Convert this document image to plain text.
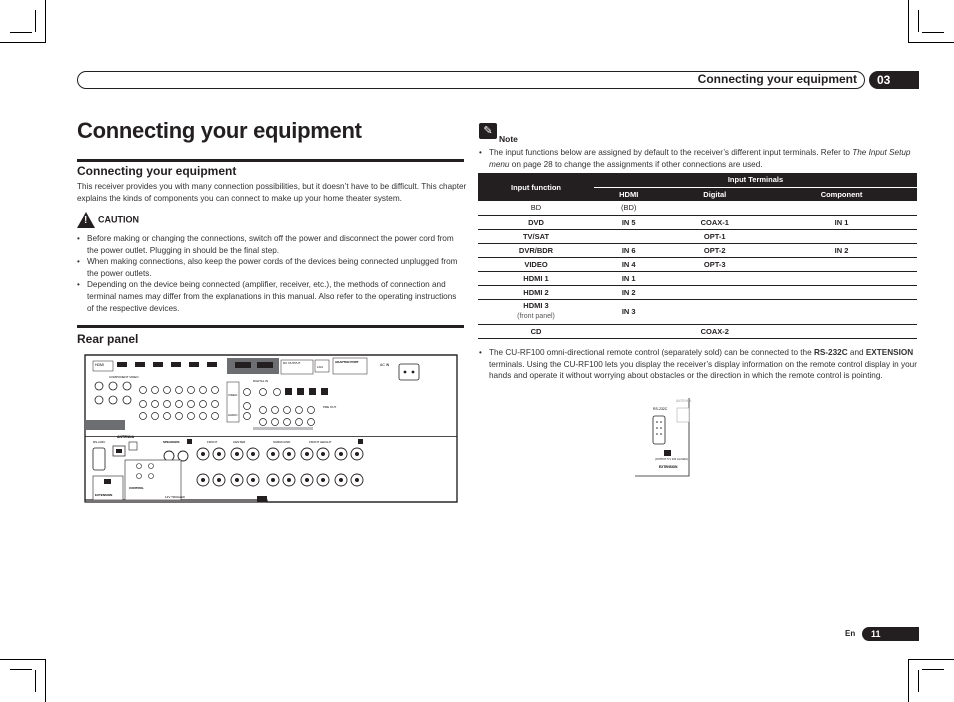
Connecting your equipment	03
Connecting your equipment
Connecting your equipment
This receiver provides you with many connection possibilities, but it doesn’t have to be difficult. This chapter explains the kinds of components you can connect to make up your home theater system.
! CAUTION
• Before making or changing the connections, switch off the power and disconnect the power cord from the power outlet. Plugging in should be the final step.
• When making connections, also keep the power cords of the devices being connected unplugged from the power outlets.
• Depending on the device being connected (amplifier, receiver, etc.), the methods of connection and terminal names may differ from the explanations in this manual. Also refer to the operating instructions of the respective devices.
Rear panel
HDMI	DC OUTPUT
LAN
ADAPTER PORT
AC IN
COMPONENT VIDEO
VIDEO
AUDIO
DIGITAL IN
PRE OUT
ANTENNA
RS-232C	SPEAKERS	FRONT	CENTER	SURROUND	FRONT HEIGHT
EXTENSION
CONTROL
12V TRIGGER
✎
Note
• The input functions below are assigned by default to the receiver’s different input terminals. Refer to The Input Setup menu on page 28 to change the assignments if other connections are used.
Input function	Input Terminals		
	HDMI	Digital	Component
BD	(BD)		
DVD	IN 5	COAX-1	IN 1
TV/SAT		OPT-1	
DVR/BDR	IN 6	OPT-2	IN 2
VIDEO	IN 4	OPT-3	
HDMI 1	IN 1		
HDMI 2	IN 2		
HDMI 3
(front panel)	IN 3		
CD		COAX-2	
• The CU-RF100 omni-directional remote control (separately sold) can be connected to the RS-232C and EXTENSION terminals. Using the CU-RF100 lets you display the receiver’s display information on the remote control display in your hands and operate it without worrying about obstacles or the direction in which the remote control is pointing.
RS-232C
ANTENNA
(OUTPUT 5 V 100 mA MAX)
EXTENSION
En	11
